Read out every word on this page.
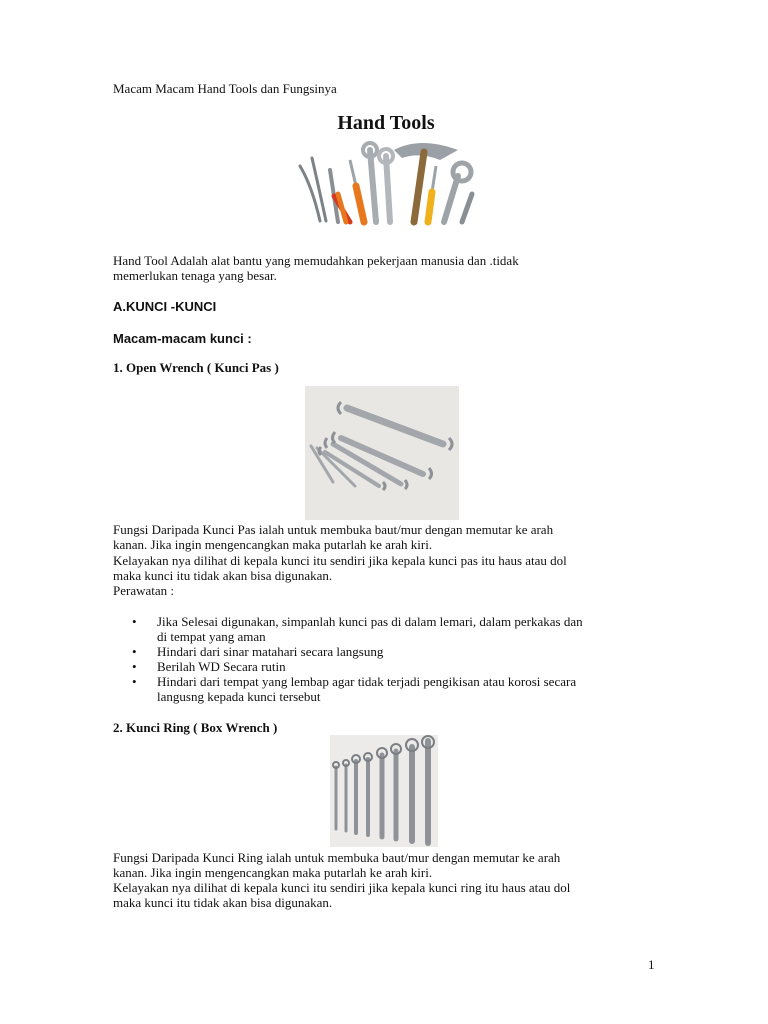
Macam Macam Hand Tools dan Fungsinya
Hand Tools
Hand Tool Adalah alat bantu yang memudahkan pekerjaan manusia dan .tidak
memerlukan tenaga yang besar.
A.KUNCI -KUNCI
Macam-macam kunci :
1. Open Wrench ( Kunci Pas )
Fungsi Daripada Kunci Pas ialah untuk membuka baut/mur dengan memutar ke arah
kanan. Jika ingin mengencangkan maka putarlah ke arah kiri.
Kelayakan nya dilihat di kepala kunci itu sendiri jika kepala kunci pas itu haus atau dol
maka kunci itu tidak akan bisa digunakan.
Perawatan :
• Jika Selesai digunakan, simpanlah kunci pas di dalam lemari, dalam perkakas dan
di tempat yang aman
• Hindari dari sinar matahari secara langsung
• Berilah WD Secara rutin
• Hindari dari tempat yang lembap agar tidak terjadi pengikisan atau korosi secara
langusng kepada kunci tersebut
2. Kunci Ring ( Box Wrench )
Fungsi Daripada Kunci Ring ialah untuk membuka baut/mur dengan memutar ke arah
kanan. Jika ingin mengencangkan maka putarlah ke arah kiri.
Kelayakan nya dilihat di kepala kunci itu sendiri jika kepala kunci ring itu haus atau dol
maka kunci itu tidak akan bisa digunakan.
1
